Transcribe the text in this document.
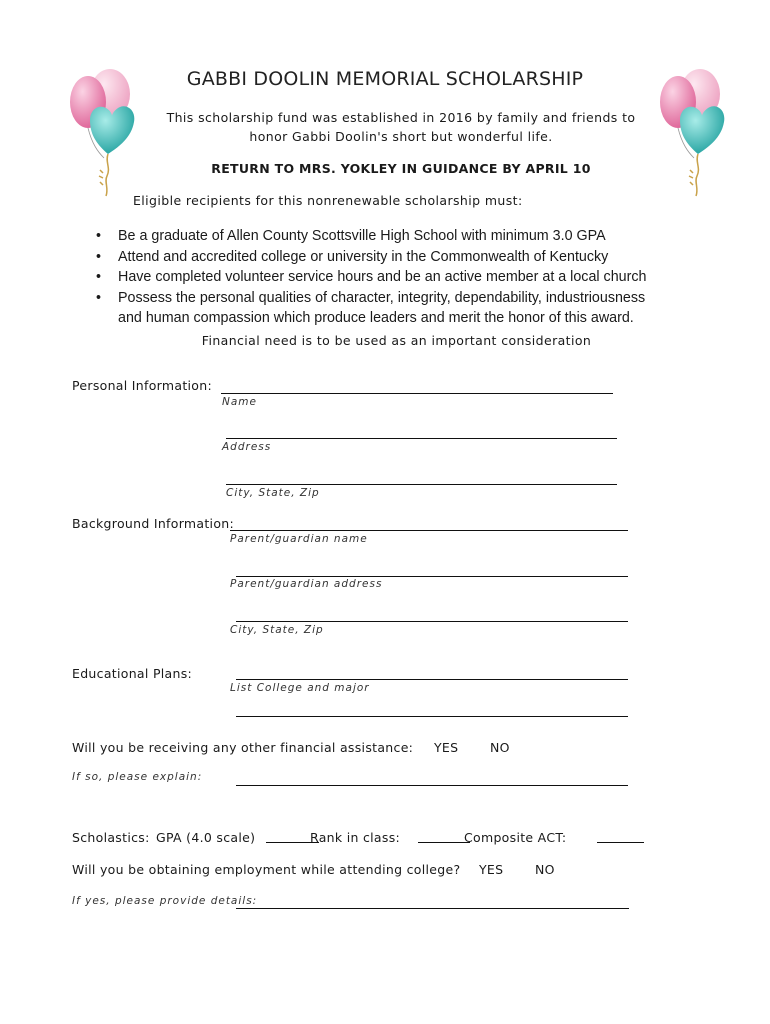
GABBI DOOLIN MEMORIAL SCHOLARSHIP
This scholarship fund was established in 2016 by family and friends to
honor Gabbi Doolin's short but wonderful life.
RETURN TO MRS. YOKLEY IN GUIDANCE BY APRIL 10
Eligible recipients for this nonrenewable scholarship must:
• Be a graduate of Allen County Scottsville High School with minimum 3.0 GPA
• Attend and accredited college or university in the Commonwealth of Kentucky
• Have completed volunteer service hours and be an active member at a local church
• Possess the personal qualities of character, integrity, dependability, industriousness
and human compassion which produce leaders and merit the honor of this award.
Financial need is to be used as an important consideration
Personal Information:
Name
Address
City, State, Zip
Background Information:
Parent/guardian name
Parent/guardian address
City, State, Zip
Educational Plans:
List College and major
Will you be receiving any other financial assistance: YES	NO
If so, please explain:
Scholastics: GPA (4.0 scale)	Rank in class:	Composite ACT:
Will you be obtaining employment while attending college? YES	NO
If yes, please provide details:
